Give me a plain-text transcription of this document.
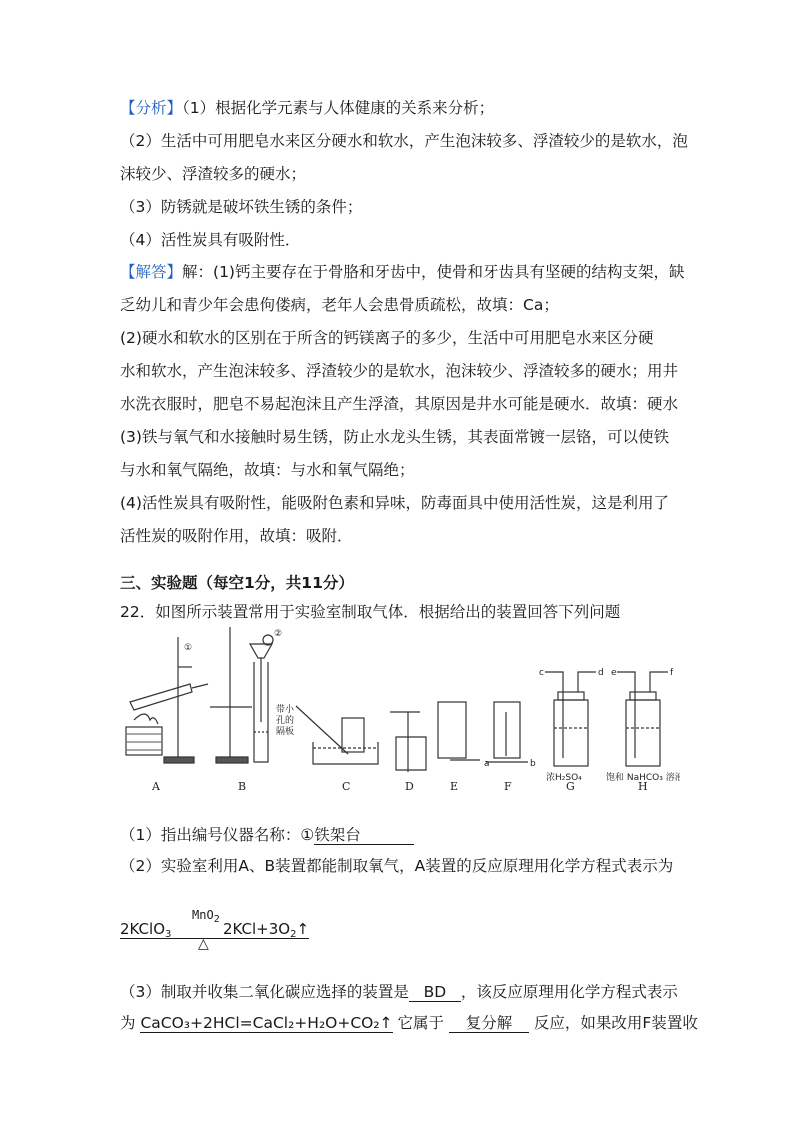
【分析】（1）根据化学元素与人体健康的关系来分析；
（2）生活中可用肥皂水来区分硬水和软水，产生泡沫较多、浮渣较少的是软水，泡
沫较少、浮渣较多的硬水；
（3）防锈就是破坏铁生锈的条件；
（4）活性炭具有吸附性．
【解答】解：(1)钙主要存在于骨胳和牙齿中，使骨和牙齿具有坚硬的结构支架，缺
乏幼儿和青少年会患佝偻病，老年人会患骨质疏松，故填：Ca；
(2)硬水和软水的区别在于所含的钙镁离子的多少，生活中可用肥皂水来区分硬
水和软水，产生泡沫较多、浮渣较少的是软水，泡沫较少、浮渣较多的硬水；用井
水洗衣服时，肥皂不易起泡沫且产生浮渣，其原因是井水可能是硬水．故填：硬水
(3)铁与氧气和水接触时易生锈，防止水龙头生锈，其表面常镀一层铬，可以使铁
与水和氧气隔绝，故填：与水和氧气隔绝；
(4)活性炭具有吸附性，能吸附色素和异味，防毒面具中使用活性炭，这是利用了
活性炭的吸附作用，故填：吸附．
三、实验题（每空1分，共11分）
22．如图所示装置常用于实验室制取气体．根据给出的装置回答下列问题
①
②
带小
孔的
隔板
a	b
c	d e	f
浓H₂SO₄	饱和 NaHCO₃ 溶液
A	B	C	D	E	F	G	H
（1）指出编号仪器名称：①铁架台
（2）实验室利用A、B装置都能制取氧气，A装置的反应原理用化学方程式表示为
2KClO$_3$	$2KCl+3O_2↑$
MnO$_2$
△
（3）制取并收集二氧化碳应选择的装置是 BD ，该反应原理用化学方程式表示
为 CaCO₃+2HCl=CaCl₂+H₂O+CO₂↑ 它属于 复分解 反应，如果改用F装置收
